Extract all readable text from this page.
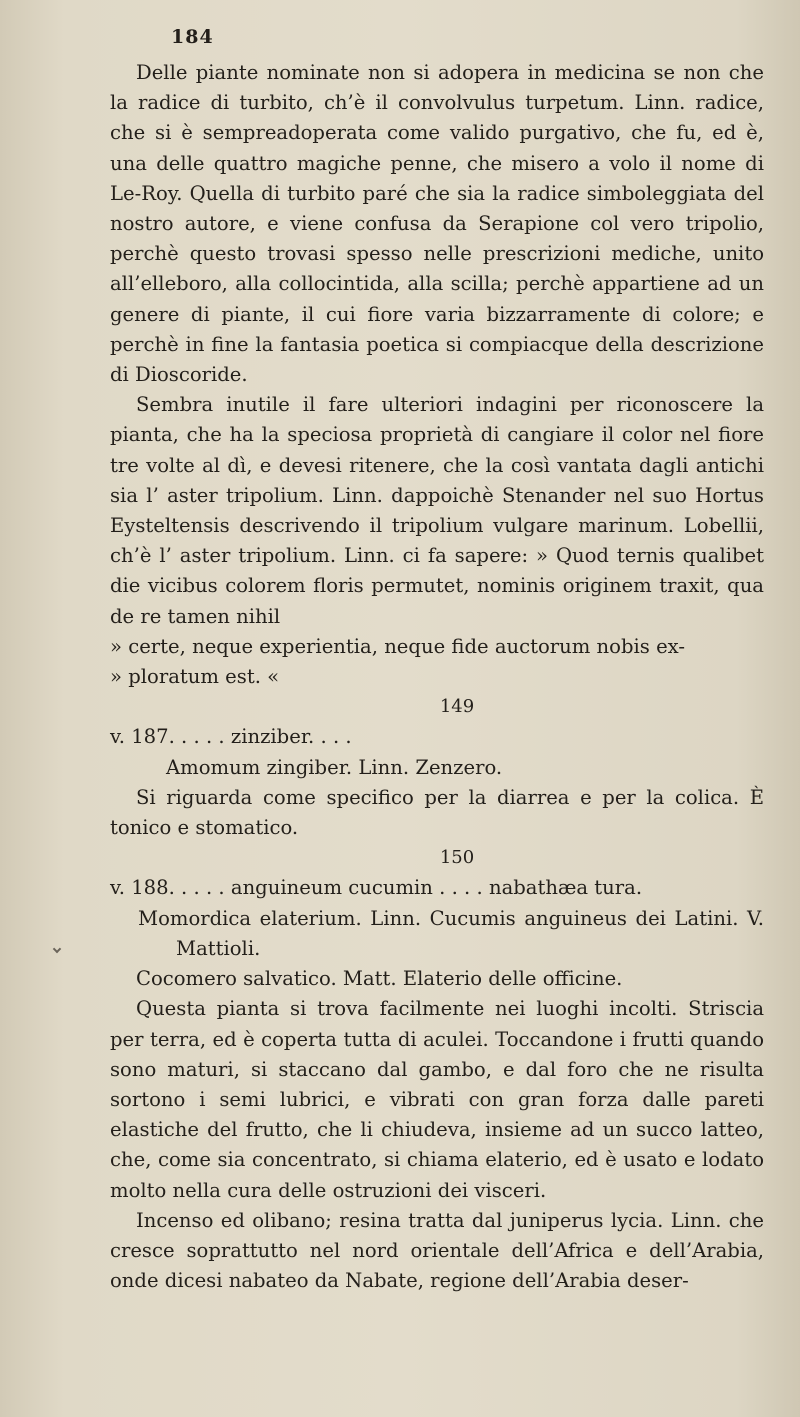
184

Delle piante nominate non si adopera in medicina se non che la radice di turbito, ch’è il convolvulus turpetum. Linn. radice, che si è sempreadoperata come valido purgativo, che fu, ed è, una delle quattro magiche penne, che misero a volo il nome di Le-Roy. Quella di turbito paré che sia la radice simboleggiata del nostro autore, e viene confusa da Serapione col vero tripolio, perchè questo trovasi spesso nelle prescrizioni mediche, unito all’elleboro, alla collocintida, alla scilla; perchè appartiene ad un genere di piante, il cui fiore varia bizzarramente di colore; e perchè in fine la fantasia poetica si compiacque della descrizione di Dioscoride.

Sembra inutile il fare ulteriori indagini per riconoscere la pianta, che ha la speciosa proprietà di cangiare il color nel fiore tre volte al dì, e devesi ritenere, che la così vantata dagli antichi sia l’ aster tripolium. Linn. dappoichè Stenander nel suo Hortus Eysteltensis descrivendo il tripolium vulgare marinum. Lobellii, ch’è l’ aster tripolium. Linn. ci fa sapere: » Quod ternis qualibet die vicibus colorem floris permutet, nominis originem traxit, qua de re tamen nihil

» certe, neque experientia, neque fide auctorum nobis ex-

» ploratum est. «

149

v. 187. . . . . zinziber. . . .

Amomum zingiber. Linn. Zenzero.

Si riguarda come specifico per la diarrea e per la colica. È tonico e stomatico.

150

v. 188. . . . . anguineum cucumin . . . . nabathæa tura.

Momordica elaterium. Linn. Cucumis anguineus dei Latini. V. Mattioli.

Cocomero salvatico. Matt. Elaterio delle officine.

Questa pianta si trova facilmente nei luoghi incolti. Striscia per terra, ed è coperta tutta di aculei. Toccandone i frutti quando sono maturi, si staccano dal gambo, e dal foro che ne risulta sortono i semi lubrici, e vibrati con gran forza dalle pareti elastiche del frutto, che li chiudeva, insieme ad un succo latteo, che, come sia concentrato, si chiama elaterio, ed è usato e lodato molto nella cura delle ostruzioni dei visceri.

Incenso ed olibano; resina tratta dal juniperus lycia. Linn. che cresce soprattutto nel nord orientale dell’Africa e dell’Arabia, onde dicesi nabateo da Nabate, regione dell’Arabia deser-
